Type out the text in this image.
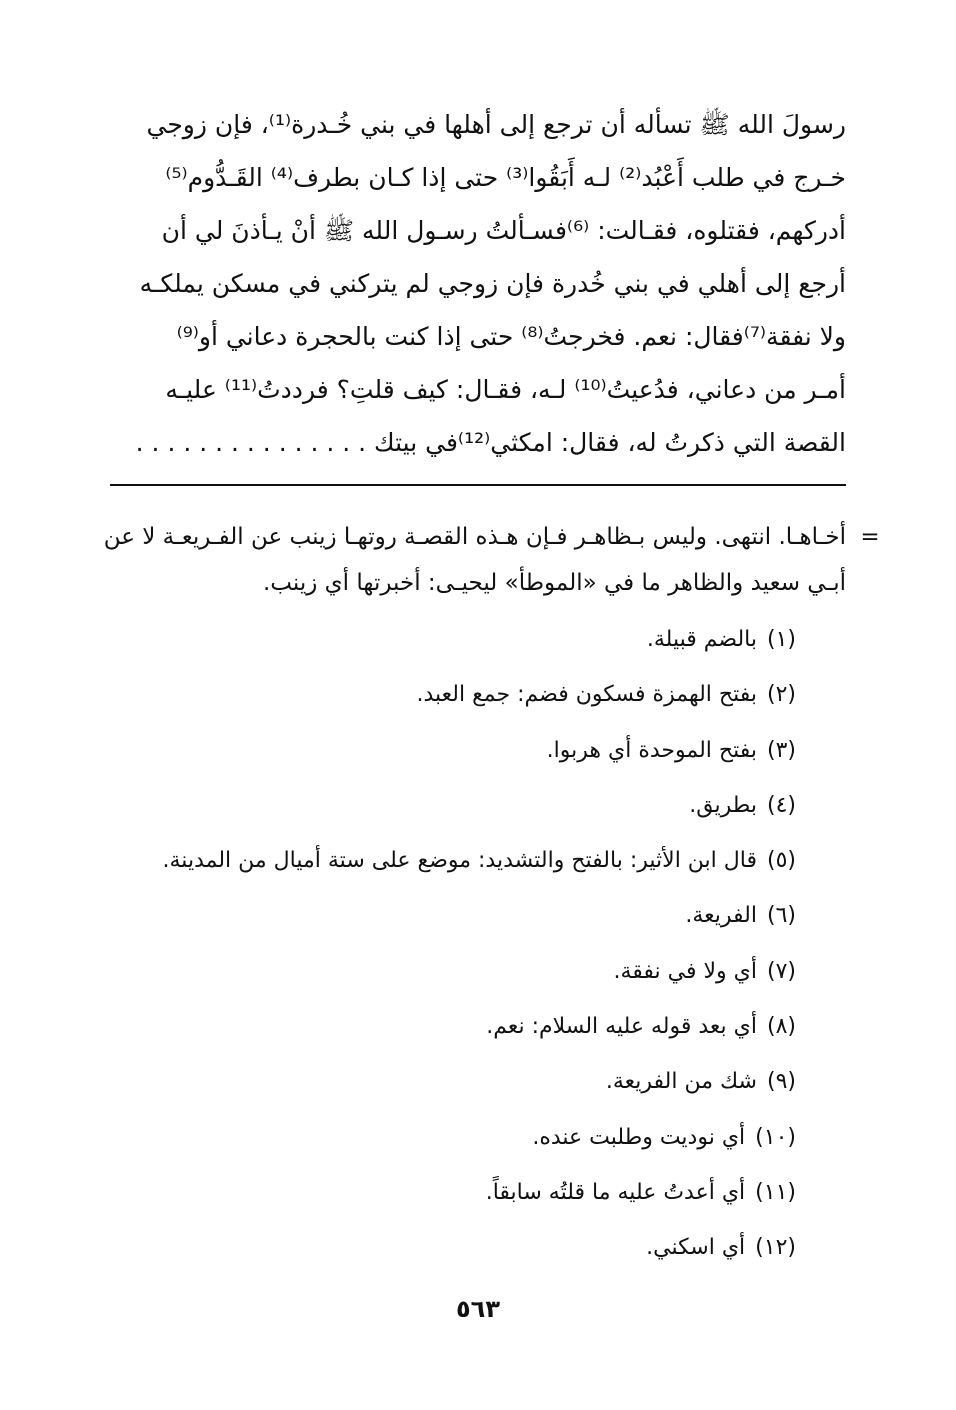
رسولَ الله ﷺ تسأله أن ترجع إلى أهلها في بني خُـدرة⁽¹⁾، فإن زوجي
خـرج في طلب أَعْبُد⁽²⁾ لـه أَبَقُوا⁽³⁾ حتى إذا كـان بطرف⁽⁴⁾ القَـدُّوم⁽⁵⁾
أدركهم، فقتلوه، فقـالت: ⁽⁶⁾فسـألتُ رسـول الله ﷺ أنْ يـأذنَ لي أن
أرجع إلى أهلي في بني خُدرة فإن زوجي لم يتركني في مسكن يملكـه
ولا نفقة⁽⁷⁾فقال: نعم. فخرجتُ⁽⁸⁾ حتى إذا كنت بالحجرة دعاني أو⁽⁹⁾
أمـر من دعاني، فدُعيتُ⁽¹⁰⁾ لـه، فقـال: كيف قلتِ؟ فرددتُ⁽¹¹⁾ عليـه
القصة التي ذكرتُ له، فقال: امكثي⁽¹²⁾في بيتك . . . . . . . . . . . . . . .
=
أخـاهـا. انتهى. وليس بـظاهـر فـإن هـذه القصـة روتهـا زينب عن الفـريعـة لا عن
أبـي سعيد والظاهر ما في «الموطأ» ليحيـى: أخبرتها أي زينب.
(١)بالضم قبيلة.
(٢)بفتح الهمزة فسكون فضم: جمع العبد.
(٣)بفتح الموحدة أي هربوا.
(٤)بطريق.
(٥)قال ابن الأثير: بالفتح والتشديد: موضع على ستة أميال من المدينة.
(٦)الفريعة.
(٧)أي ولا في نفقة.
(٨)أي بعد قوله عليه السلام: نعم.
(٩)شك من الفريعة.
(١٠)أي نوديت وطلبت عنده.
(١١)أي أعدتُ عليه ما قلتُه سابقاً.
(١٢)أي اسكني.
٥٦٣
